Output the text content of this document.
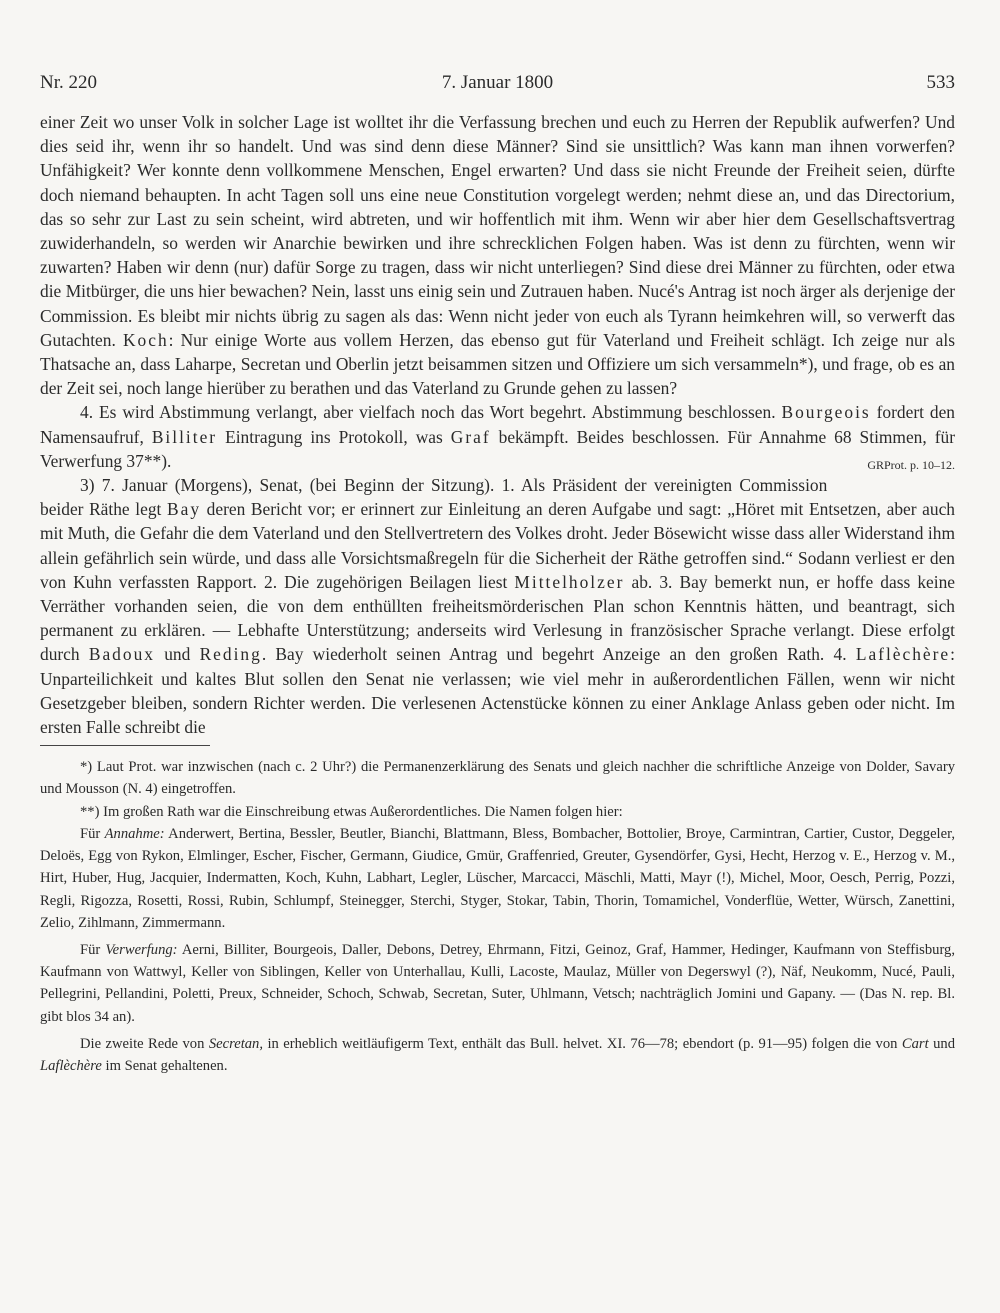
Nr. 220	7. Januar 1800	533

einer Zeit wo unser Volk in solcher Lage ist wolltet ihr die Verfassung brechen und euch zu Herren der Republik aufwerfen? Und dies seid ihr, wenn ihr so handelt. Und was sind denn diese Männer? Sind sie unsittlich? Was kann man ihnen vorwerfen? Unfähigkeit? Wer konnte denn vollkommene Menschen, Engel erwarten? Und dass sie nicht Freunde der Freiheit seien, dürfte doch niemand behaupten. In acht Tagen soll uns eine neue Constitution vorgelegt werden; nehmt diese an, und das Directorium, das so sehr zur Last zu sein scheint, wird abtreten, und wir hoffentlich mit ihm. Wenn wir aber hier dem Gesellschaftsvertrag zuwiderhandeln, so werden wir Anarchie bewirken und ihre schrecklichen Folgen haben. Was ist denn zu fürchten, wenn wir zuwarten? Haben wir denn (nur) dafür Sorge zu tragen, dass wir nicht unterliegen? Sind diese drei Männer zu fürchten, oder etwa die Mitbürger, die uns hier bewachen? Nein, lasst uns einig sein und Zutrauen haben. Nucé's Antrag ist noch ärger als derjenige der Commission. Es bleibt mir nichts übrig zu sagen als das: Wenn nicht jeder von euch als Tyrann heimkehren will, so verwerft das Gutachten. Koch: Nur einige Worte aus vollem Herzen, das ebenso gut für Vaterland und Freiheit schlägt. Ich zeige nur als Thatsache an, dass Laharpe, Secretan und Oberlin jetzt beisammen sitzen und Offiziere um sich versammeln*), und frage, ob es an der Zeit sei, noch lange hierüber zu berathen und das Vaterland zu Grunde gehen zu lassen?

4. Es wird Abstimmung verlangt, aber vielfach noch das Wort begehrt. Abstimmung beschlossen. Bourgeois fordert den Namensaufruf, Billiter Eintragung ins Protokoll, was Graf bekämpft. Beides beschlossen. Für Annahme 68 Stimmen, für Verwerfung 37**).	GRProt. p. 10–12.

3) 7. Januar (Morgens), Senat, (bei Beginn der Sitzung). 1. Als Präsident der vereinigten Commission beider Räthe legt Bay deren Bericht vor; er erinnert zur Einleitung an deren Aufgabe und sagt: „Höret mit Entsetzen, aber auch mit Muth, die Gefahr die dem Vaterland und den Stellvertretern des Volkes droht. Jeder Bösewicht wisse dass aller Widerstand ihm allein gefährlich sein würde, und dass alle Vorsichtsmaßregeln für die Sicherheit der Räthe getroffen sind.“ Sodann verliest er den von Kuhn verfassten Rapport. 2. Die zugehörigen Beilagen liest Mittelholzer ab. 3. Bay bemerkt nun, er hoffe dass keine Verräther vorhanden seien, die von dem enthüllten freiheitsmörderischen Plan schon Kenntnis hätten, und beantragt, sich permanent zu erklären. — Lebhafte Unterstützung; anderseits wird Verlesung in französischer Sprache verlangt. Diese erfolgt durch Badoux und Reding. Bay wiederholt seinen Antrag und begehrt Anzeige an den großen Rath. 4. Laflèchère: Unparteilichkeit und kaltes Blut sollen den Senat nie verlassen; wie viel mehr in außerordentlichen Fällen, wenn wir nicht Gesetzgeber bleiben, sondern Richter werden. Die verlesenen Actenstücke können zu einer Anklage Anlass geben oder nicht. Im ersten Falle schreibt die

*) Laut Prot. war inzwischen (nach c. 2 Uhr?) die Permanenzerklärung des Senats und gleich nachher die schriftliche Anzeige von Dolder, Savary und Mousson (N. 4) eingetroffen.

**) Im großen Rath war die Einschreibung etwas Außerordentliches. Die Namen folgen hier:

Für Annahme: Anderwert, Bertina, Bessler, Beutler, Bianchi, Blattmann, Bless, Bombacher, Bottolier, Broye, Carmintran, Cartier, Custor, Deggeler, Deloës, Egg von Rykon, Elmlinger, Escher, Fischer, Germann, Giudice, Gmür, Graffenried, Greuter, Gysendörfer, Gysi, Hecht, Herzog v. E., Herzog v. M., Hirt, Huber, Hug, Jacquier, Indermatten, Koch, Kuhn, Labhart, Legler, Lüscher, Marcacci, Mäschli, Matti, Mayr (!), Michel, Moor, Oesch, Perrig, Pozzi, Regli, Rigozza, Rosetti, Rossi, Rubin, Schlumpf, Steinegger, Sterchi, Styger, Stokar, Tabin, Thorin, Tomamichel, Vonderflüe, Wetter, Würsch, Zanettini, Zelio, Zihlmann, Zimmermann.

Für Verwerfung: Aerni, Billiter, Bourgeois, Daller, Debons, Detrey, Ehrmann, Fitzi, Geinoz, Graf, Hammer, Hedinger, Kaufmann von Steffisburg, Kaufmann von Wattwyl, Keller von Siblingen, Keller von Unterhallau, Kulli, Lacoste, Maulaz, Müller von Degerswyl (?), Näf, Neukomm, Nucé, Pauli, Pellegrini, Pellandini, Poletti, Preux, Schneider, Schoch, Schwab, Secretan, Suter, Uhlmann, Vetsch; nachträglich Jomini und Gapany. — (Das N. rep. Bl. gibt blos 34 an).

Die zweite Rede von Secretan, in erheblich weitläufigerm Text, enthält das Bull. helvet. XI. 76—78; ebendort (p. 91—95) folgen die von Cart und Laflèchère im Senat gehaltenen.
